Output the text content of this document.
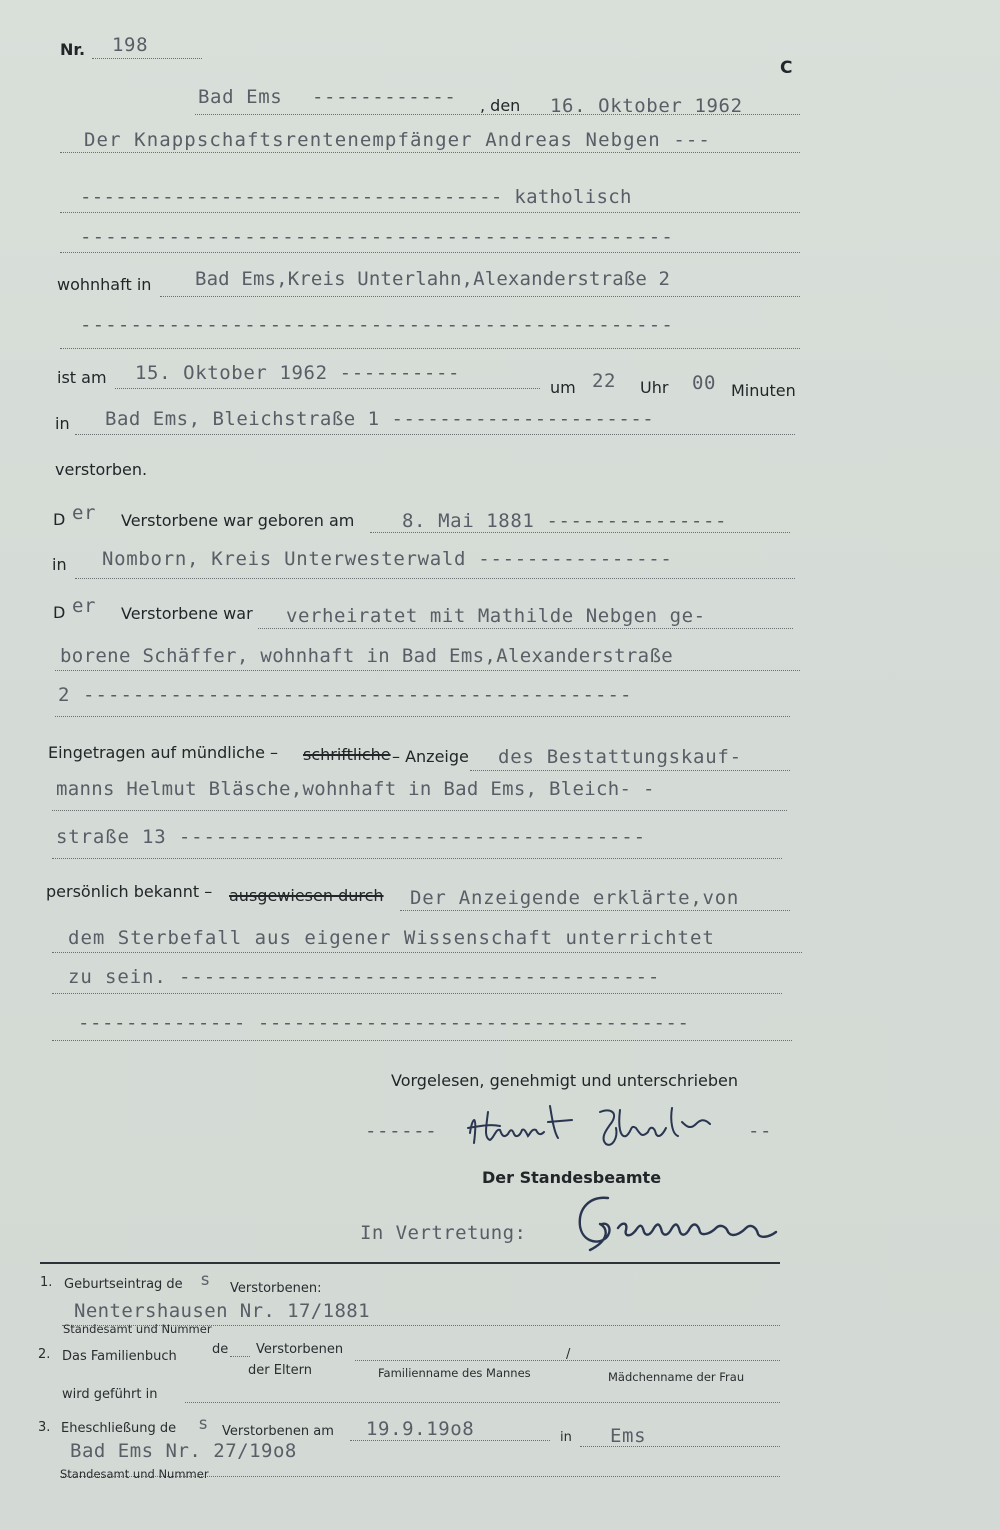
Nr. 198
C
Bad Ems ------------ , den 16. Oktober 1962
Der Knappschaftsrentenempfänger Andreas Nebgen ---
------------------------------------ katholisch
-----------------------------------------------
wohnhaft in Bad Ems,Kreis Unterlahn,Alexanderstraße 2
-----------------------------------------------
ist am 15. Oktober 1962 ----------
um 22 Uhr 00 Minuten
in Bad Ems, Bleichstraße 1 ----------------------
verstorben.
D er Verstorbene war geboren am	8. Mai 1881 ---------------
in Nomborn, Kreis Unterwesterwald ----------------
D er Verstorbene war verheiratet mit Mathilde Nebgen ge-
borene Schäffer, wohnhaft in Bad Ems,Alexanderstraße
2 --------------------------------------------
Eingetragen auf mündliche – schriftliche – Anzeige des Bestattungskauf-
manns Helmut Bläsche,wohnhaft in Bad Ems, Bleich- -
straße 13 --------------------------------------
persönlich bekannt – ausgewiesen durch Der Anzeigende erklärte,von
dem Sterbefall aus eigener Wissenschaft unterrichtet
zu sein. ---------------------------------------
-------------- ------------------------------------
Vorgelesen, genehmigt und unterschrieben
------	--
Der Standesbeamte
In Vertretung:
1. Geburtseintrag de s Verstorbenen:
Nentershausen Nr. 17/1881
Standesamt und Nummer
2. Das Familienbuch	de Verstorbenen
der Eltern
/
Familienname des Mannes	Mädchenname der Frau
wird geführt in
3. Eheschließung de s Verstorbenen am 19.9.19o8	in Ems
Bad Ems Nr. 27/19o8
Standesamt und Nummer
